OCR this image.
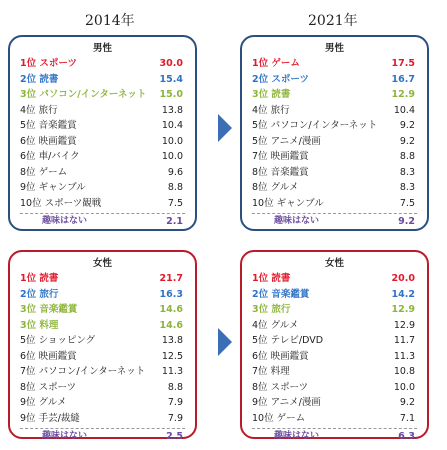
2014年	2021年
男性
1位 スポーツ	30.0
2位 読書	15.4
3位 パソコン/インターネット 15.0
4位 旅行	13.8
5位 音楽鑑賞	10.4
6位 映画鑑賞	10.0
6位 車/バイク	10.0
8位 ゲーム	9.6
9位 ギャンブル	8.8
10位 スポーツ観戦	7.5
趣味はない	2.1
男性
1位 ゲーム	17.5
2位 スポーツ	16.7
3位 読書	12.9
4位 旅行	10.4
5位 パソコン/インターネット 9.2
5位 アニメ/漫画	9.2
7位 映画鑑賞	8.8
8位 音楽鑑賞	8.3
8位 グルメ	8.3
10位 ギャンブル	7.5
趣味はない	9.2
女性
1位 読書	21.7
2位 旅行	16.3
3位 音楽鑑賞	14.6
3位 料理	14.6
5位 ショッピング	13.8
6位 映画鑑賞	12.5
7位 パソコン/インターネット 11.3
8位 スポーツ	8.8
9位 グルメ	7.9
9位 手芸/裁縫	7.9
趣味はない	2.5
女性
1位 読書	20.0
2位 音楽鑑賞	14.2
3位 旅行	12.9
4位 グルメ	12.9
5位 テレビ/DVD	11.7
6位 映画鑑賞	11.3
7位 料理	10.8
8位 スポーツ	10.0
9位 アニメ/漫画	9.2
10位 ゲーム	7.1
趣味はない	6.3
